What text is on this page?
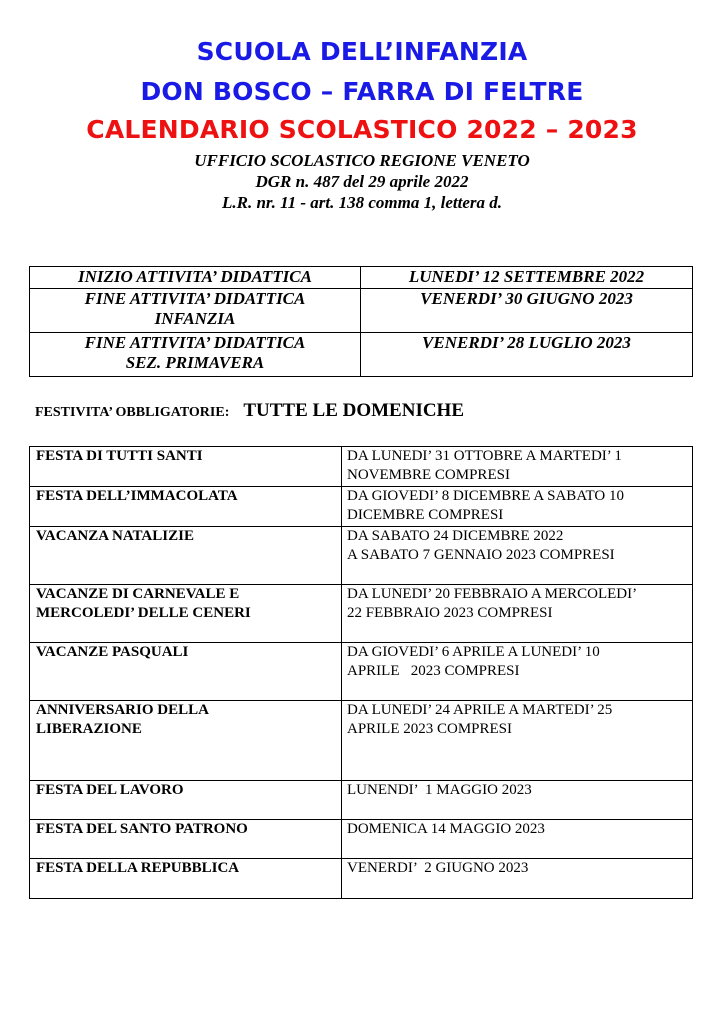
SCUOLA DELL’INFANZIA
DON BOSCO – FARRA DI FELTRE
CALENDARIO SCOLASTICO 2022 – 2023
UFFICIO SCOLASTICO REGIONE VENETO
DGR n. 487 del 29 aprile 2022
L.R. nr. 11 - art. 138 comma 1, lettera d.
INIZIO ATTIVITA’ DIDATTICA	LUNEDI’ 12 SETTEMBRE 2022
FINE ATTIVITA’ DIDATTICA
INFANZIA	VENERDI’ 30 GIUGNO 2023
FINE ATTIVITA’ DIDATTICA
SEZ. PRIMAVERA	VENERDI’ 28 LUGLIO 2023
FESTIVITA’ OBBLIGATORIE: TUTTE LE DOMENICHE
FESTA DI TUTTI SANTI	DA LUNEDI’ 31 OTTOBRE A MARTEDI’ 1
NOVEMBRE COMPRESI
FESTA DELL’IMMACOLATA	DA GIOVEDI’ 8 DICEMBRE A SABATO 10
DICEMBRE COMPRESI
VACANZA NATALIZIE	DA SABATO 24 DICEMBRE 2022
A SABATO 7 GENNAIO 2023 COMPRESI
VACANZE DI CARNEVALE E
MERCOLEDI’ DELLE CENERI	DA LUNEDI’ 20 FEBBRAIO A MERCOLEDI’
22 FEBBRAIO 2023 COMPRESI
VACANZE PASQUALI	DA GIOVEDI’ 6 APRILE A LUNEDI’ 10
APRILE   2023 COMPRESI
ANNIVERSARIO DELLA
LIBERAZIONE	DA LUNEDI’ 24 APRILE A MARTEDI’ 25
APRILE 2023 COMPRESI
FESTA DEL LAVORO	LUNENDI’  1 MAGGIO 2023
FESTA DEL SANTO PATRONO	DOMENICA 14 MAGGIO 2023
FESTA DELLA REPUBBLICA	VENERDI’  2 GIUGNO 2023
